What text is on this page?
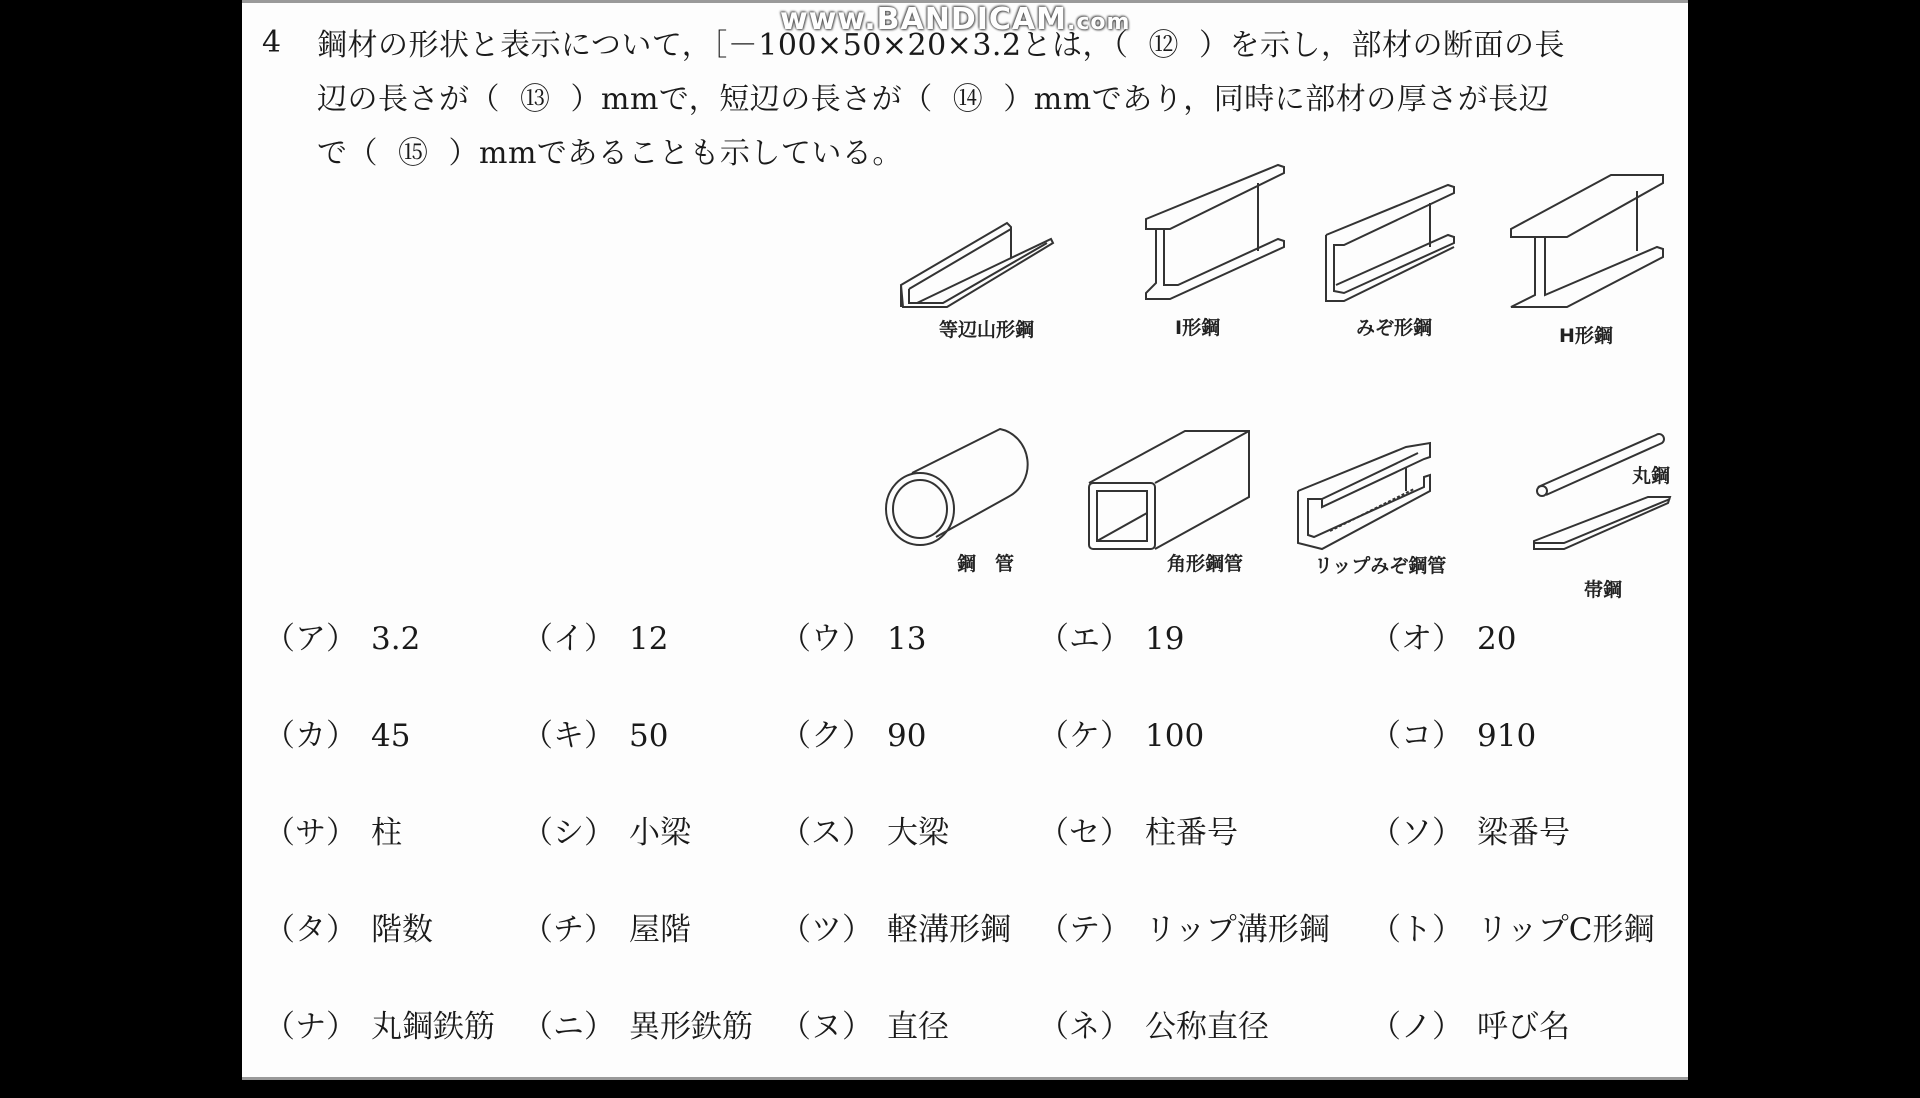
4 鋼材の形状と表示について，［－100×50×20×3.2とは，（ ⑫ ）を示し，部材の断面の長
辺の長さが（ ⑬ ）mmで，短辺の長さが（ ⑭ ）mmであり，同時に部材の厚さが長辺
で（ ⑮ ）mmであることも示している。
等辺山形鋼	I形鋼	みぞ形鋼	H形鋼
鋼　管	角形鋼管	リップみぞ鋼管
丸鋼
帯鋼
（ア） 3.2	（イ） 12	（ウ） 13	（エ） 19	（オ） 20
（カ） 45	（キ） 50	（ク） 90	（ケ） 100	（コ） 910
（サ） 柱	（シ） 小梁	（ス） 大梁	（セ） 柱番号	（ソ） 梁番号
（タ） 階数	（チ） 屋階	（ツ） 軽溝形鋼 （テ） リップ溝形鋼 （ト） リップC形鋼
（ナ） 丸鋼鉄筋 （ニ） 異形鉄筋 （ヌ） 直径	（ネ） 公称直径	（ノ） 呼び名
www.BANDICAM.com
